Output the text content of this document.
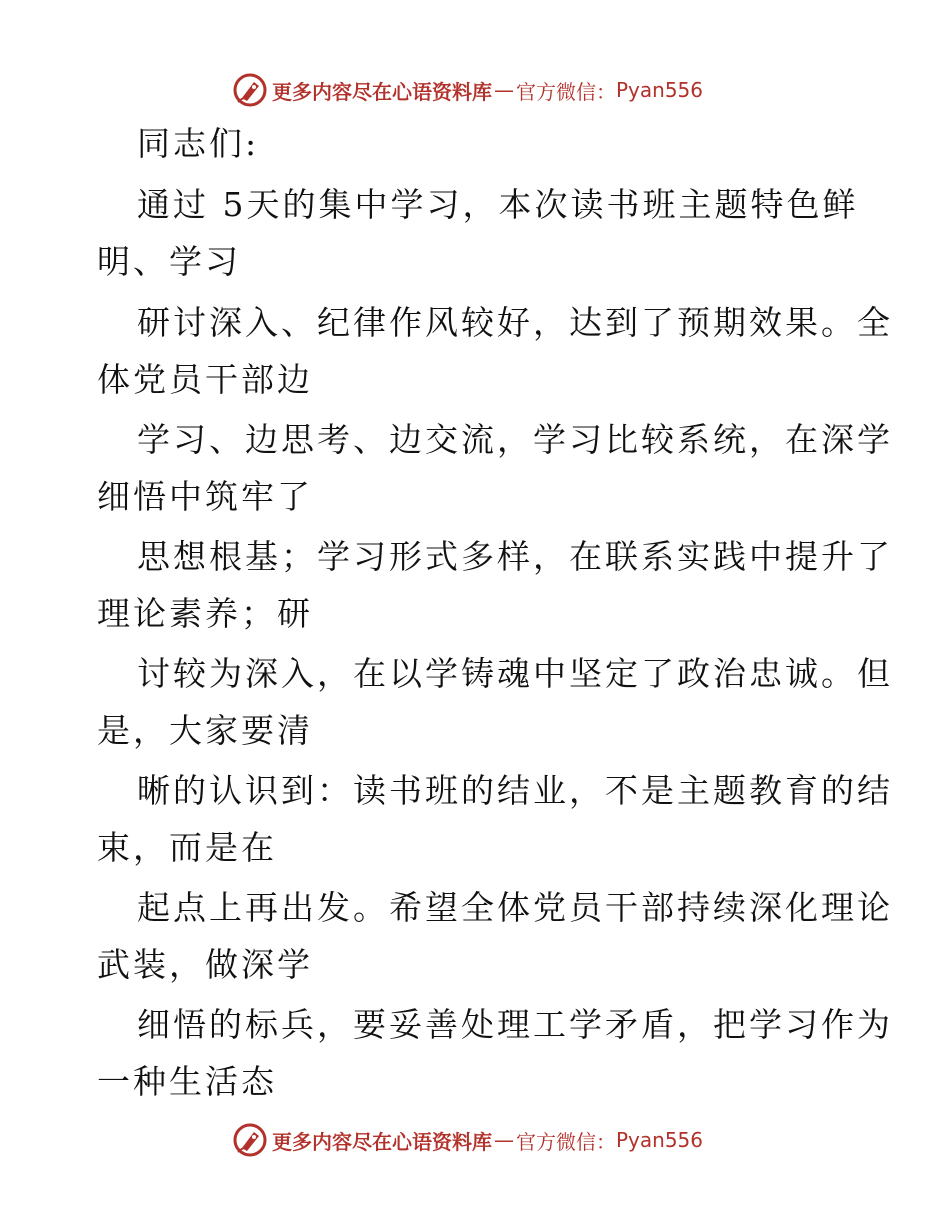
更多内容尽在心语资料库 — 官方微信： Pyan556
同志们:
通过 5天的集中学习，本次读书班主题特色鲜
明、学习
研讨深入、纪律作风较好，达到了预期效果。全
体党员干部边
学习、边思考、边交流，学习比较系统，在深学
细悟中筑牢了
思想根基；学习形式多样，在联系实践中提升了
理论素养；研
讨较为深入，在以学铸魂中坚定了政治忠诚。但
是，大家要清
晰的认识到：读书班的结业，不是主题教育的结
束，而是在
起点上再出发。希望全体党员干部持续深化理论
武装，做深学
细悟的标兵，要妥善处理工学矛盾，把学习作为
一种生活态
更多内容尽在心语资料库 — 官方微信： Pyan556
